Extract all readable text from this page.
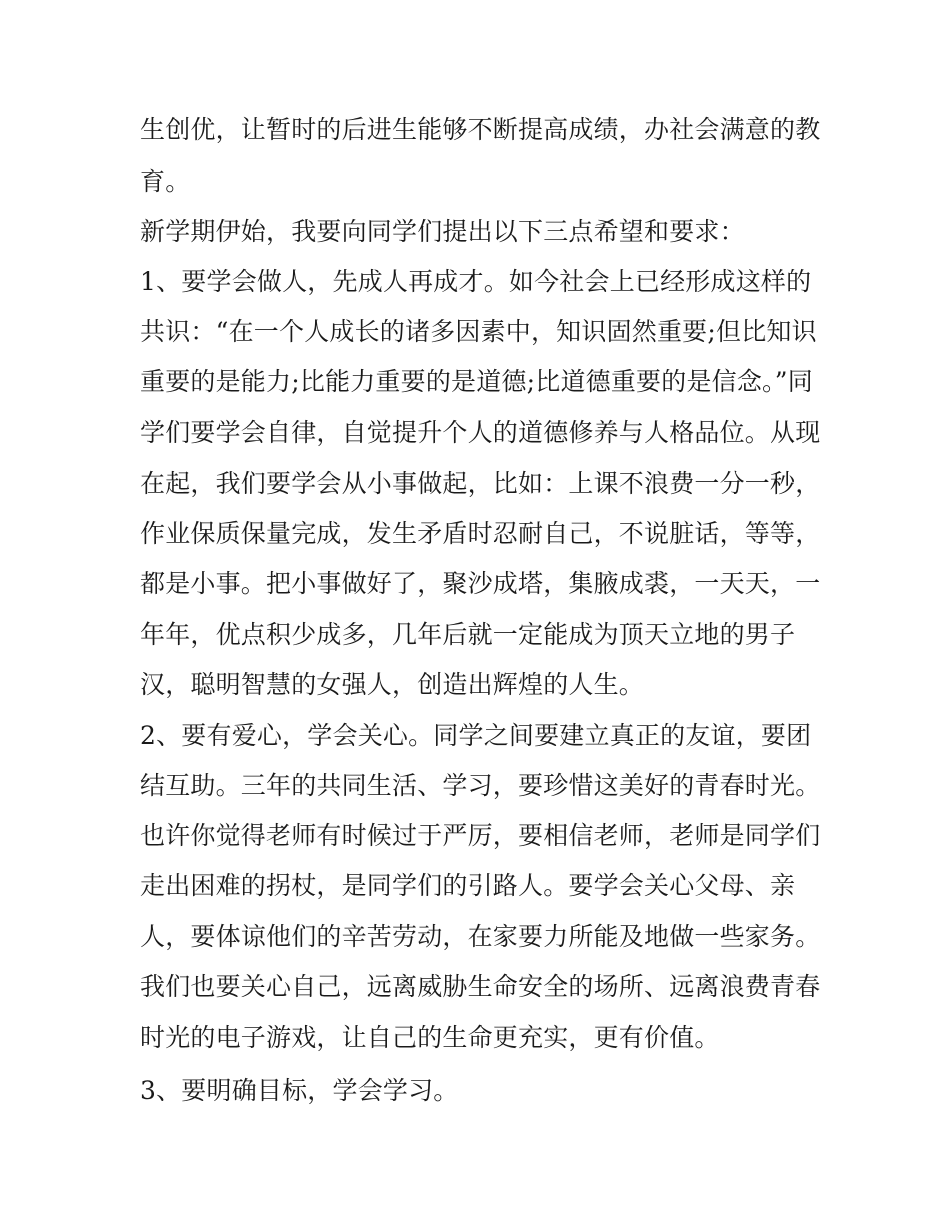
生创优，让暂时的后进生能够不断提高成绩，办社会满意的教
育。
新学期伊始，我要向同学们提出以下三点希望和要求：
1、要学会做人，先成人再成才。如今社会上已经形成这样的
共识：“在一个人成长的诸多因素中，知识固然重要;但比知识
重要的是能力;比能力重要的是道德;比道德重要的是信念。”同
学们要学会自律，自觉提升个人的道德修养与人格品位。从现
在起，我们要学会从小事做起，比如：上课不浪费一分一秒，
作业保质保量完成，发生矛盾时忍耐自己，不说脏话，等等，
都是小事。把小事做好了，聚沙成塔，集腋成裘，一天天，一
年年，优点积少成多，几年后就一定能成为顶天立地的男子
汉，聪明智慧的女强人，创造出辉煌的人生。
2、要有爱心，学会关心。同学之间要建立真正的友谊，要团
结互助。三年的共同生活、学习，要珍惜这美好的青春时光。
也许你觉得老师有时候过于严厉，要相信老师，老师是同学们
走出困难的拐杖，是同学们的引路人。要学会关心父母、亲
人，要体谅他们的辛苦劳动，在家要力所能及地做一些家务。
我们也要关心自己，远离威胁生命安全的场所、远离浪费青春
时光的电子游戏，让自己的生命更充实，更有价值。
3、要明确目标，学会学习。
